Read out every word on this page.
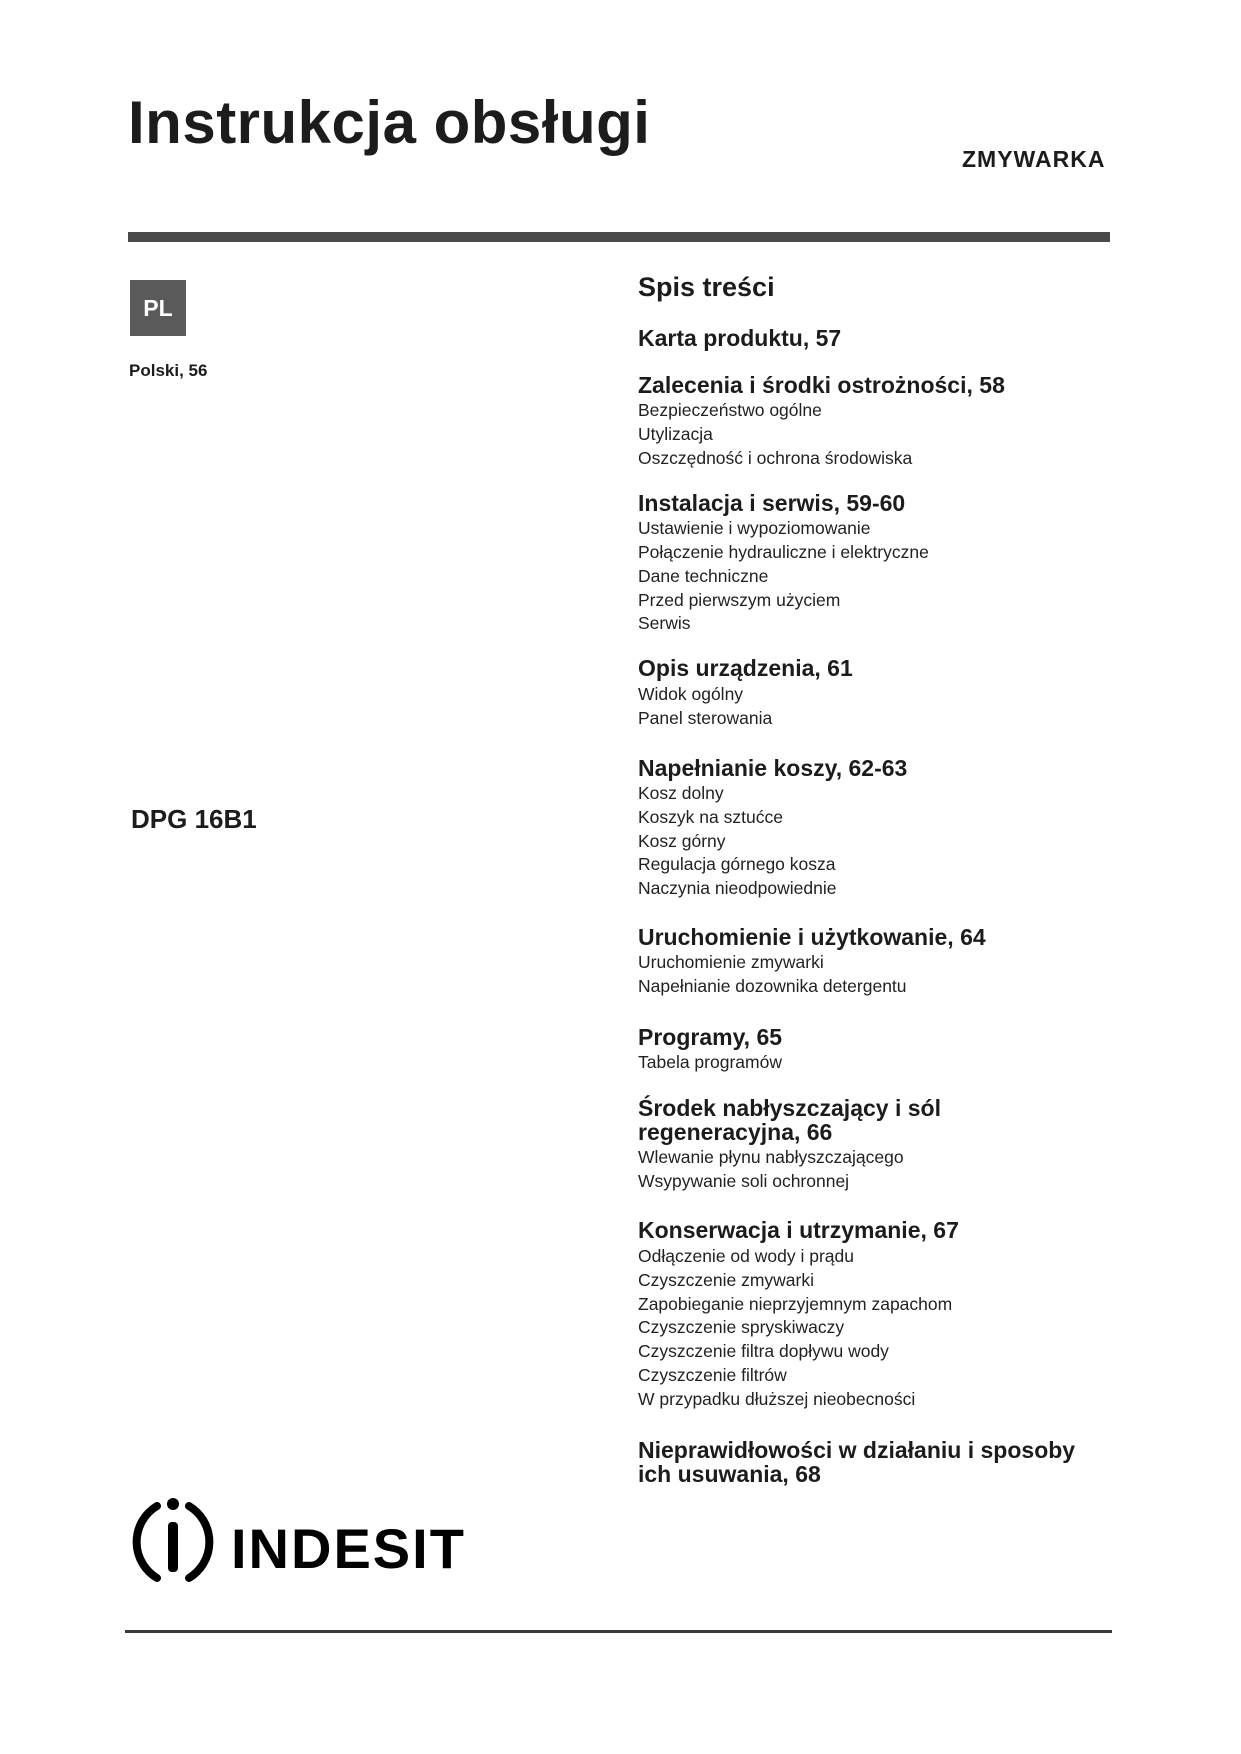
Instrukcja obsługi
ZMYWARKA
PL
Polski, 56
DPG 16B1
Spis treści
Karta produktu, 57
Zalecenia i środki ostrożności, 58
Bezpieczeństwo ogólne
Utylizacja
Oszczędność i ochrona środowiska
Instalacja i serwis, 59-60
Ustawienie i wypoziomowanie
Połączenie hydrauliczne i elektryczne
Dane techniczne
Przed pierwszym użyciem
Serwis
Opis urządzenia, 61
Widok ogólny
Panel sterowania
Napełnianie koszy, 62-63
Kosz dolny
Koszyk na sztućce
Kosz górny
Regulacja górnego kosza
Naczynia nieodpowiednie
Uruchomienie i użytkowanie, 64
Uruchomienie zmywarki
Napełnianie dozownika detergentu
Programy, 65
Tabela programów
Środek nabłyszczający i sól
regeneracyjna, 66
Wlewanie płynu nabłyszczającego
Wsypywanie soli ochronnej
Konserwacja i utrzymanie, 67
Odłączenie od wody i prądu
Czyszczenie zmywarki
Zapobieganie nieprzyjemnym zapachom
Czyszczenie spryskiwaczy
Czyszczenie filtra dopływu wody
Czyszczenie filtrów
W przypadku dłuższej nieobecności
Nieprawidłowości w działaniu i sposoby
ich usuwania, 68
INDESIT
